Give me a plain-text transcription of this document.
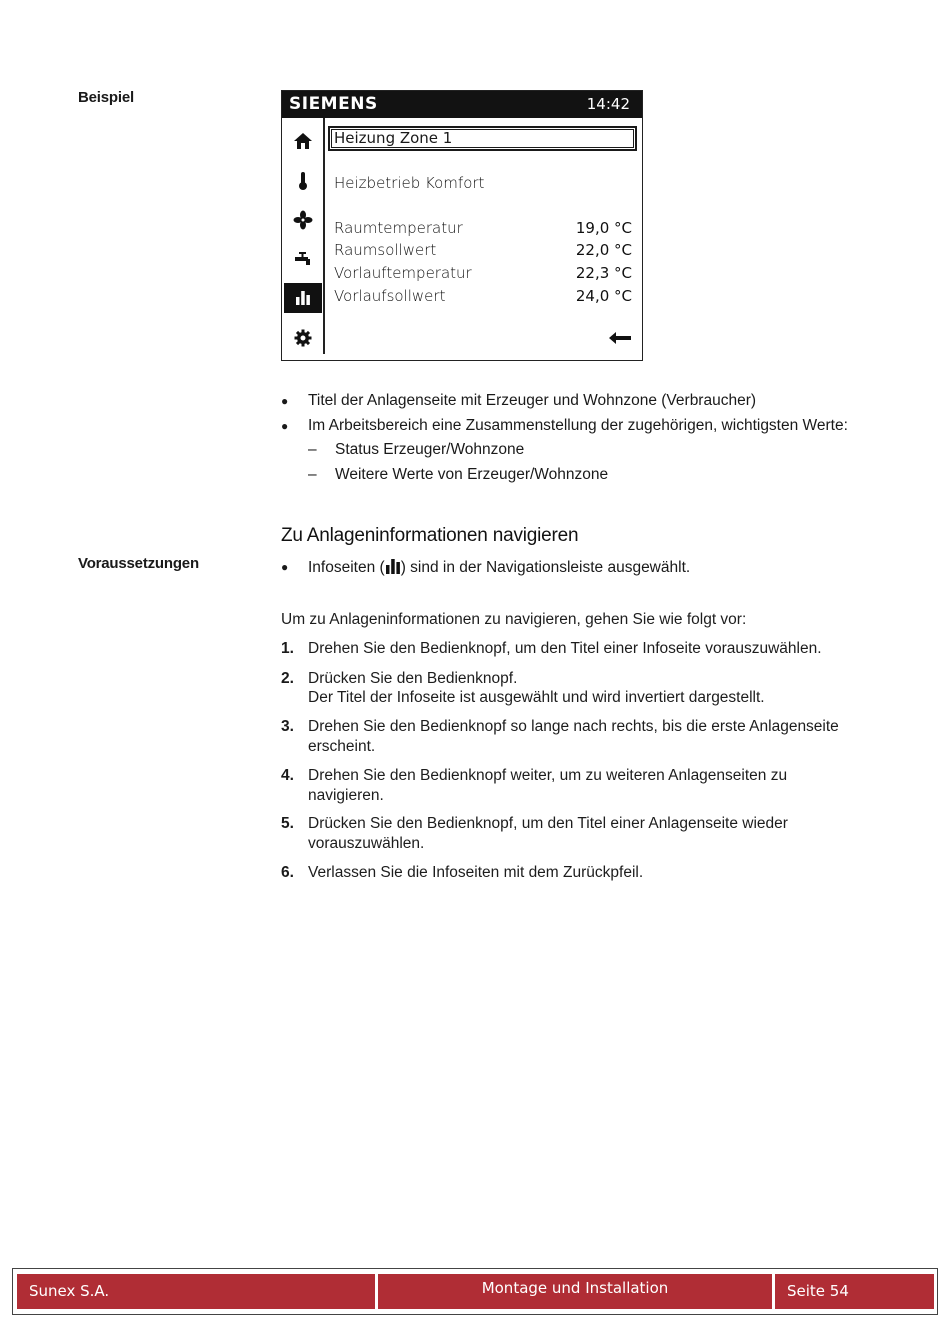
Beispiel	SIEMENS	14:42
Heizung Zone 1
Heizbetrieb Komfort
Raumtemperatur	19,0 °C
Raumsollwert	22,0 °C
Vorlauftemperatur	22,3 °C
Vorlaufsollwert	24,0 °C
● Titel der Anlagenseite mit Erzeuger und Wohnzone (Verbraucher)
● Im Arbeitsbereich eine Zusammenstellung der zugehörigen, wichtigsten Werte:
– Status Erzeuger/Wohnzone
– Weitere Werte von Erzeuger/Wohnzone
Zu Anlageninformationen navigieren
Voraussetzungen	● Infoseiten ( ) sind in der Navigationsleiste ausgewählt.
Um zu Anlageninformationen zu navigieren, gehen Sie wie folgt vor:
1. Drehen Sie den Bedienknopf, um den Titel einer Infoseite vorauszuwählen.
2. Drücken Sie den Bedienknopf.
Der Titel der Infoseite ist ausgewählt und wird invertiert dargestellt.
3. Drehen Sie den Bedienknopf so lange nach rechts, bis die erste Anlagenseite
erscheint.
4. Drehen Sie den Bedienknopf weiter, um zu weiteren Anlagenseiten zu
navigieren.
5. Drücken Sie den Bedienknopf, um den Titel einer Anlagenseite wieder
vorauszuwählen.
6. Verlassen Sie die Infoseiten mit dem Zurückpfeil.
Sunex S.A.	Montage und Installation	Seite 54
